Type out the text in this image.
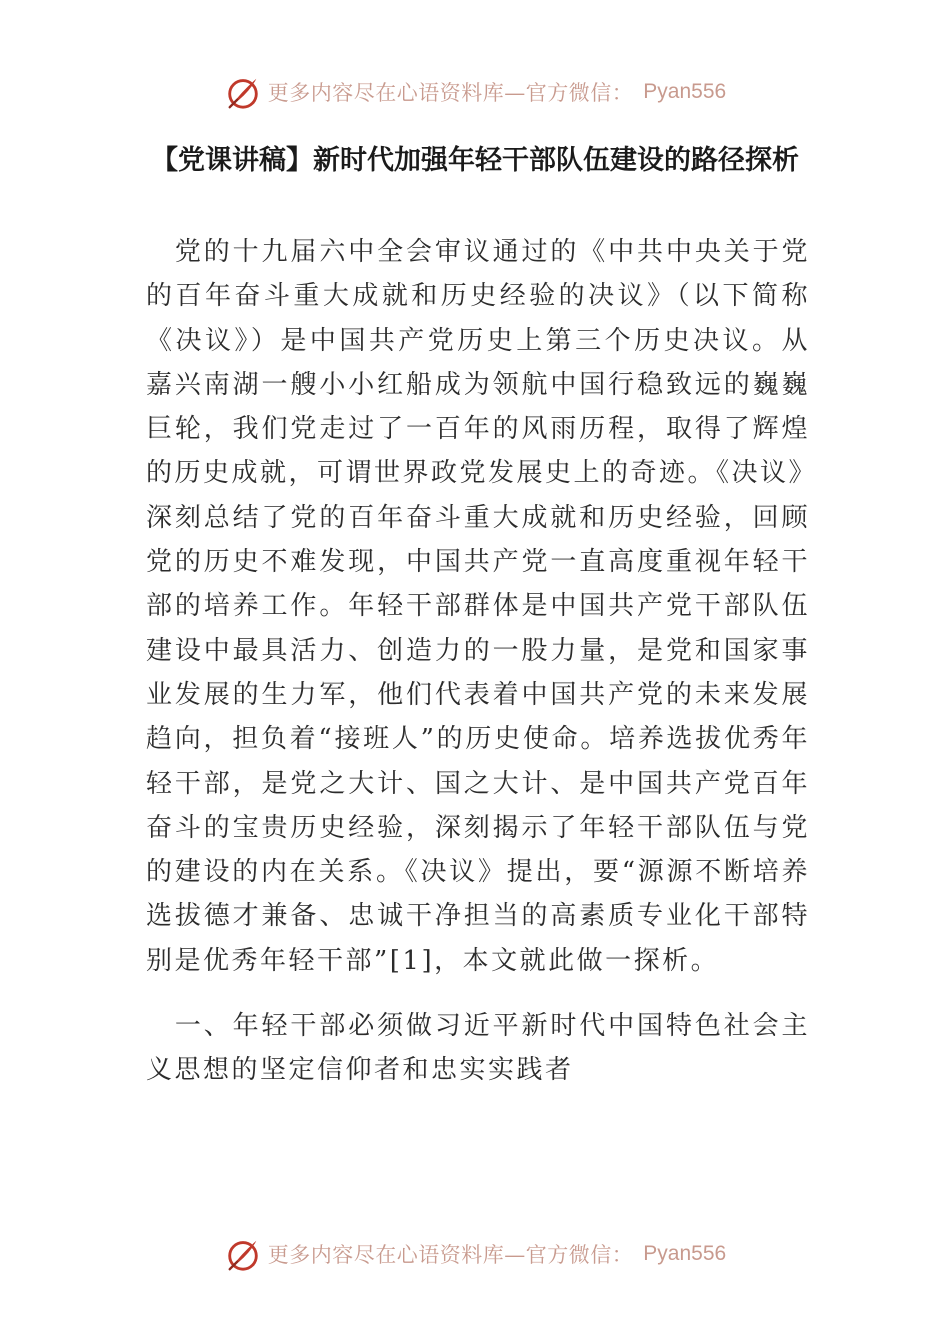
更多内容尽在心语资料库—官方微信： Pyan556
【党课讲稿】新时代加强年轻干部队伍建设的路径探析
　党的十九届六中全会审议通过的《中共中央关于党
的百年奋斗重大成就和历史经验的决议》（以下简称
《决议》）是中国共产党历史上第三个历史决议。从
嘉兴南湖一艘小小红船成为领航中国行稳致远的巍巍
巨轮，我们党走过了一百年的风雨历程，取得了辉煌
的历史成就，可谓世界政党发展史上的奇迹。《决议》
深刻总结了党的百年奋斗重大成就和历史经验，回顾
党的历史不难发现，中国共产党一直高度重视年轻干
部的培养工作。年轻干部群体是中国共产党干部队伍
建设中最具活力、创造力的一股力量，是党和国家事
业发展的生力军，他们代表着中国共产党的未来发展
趋向，担负着“接班人”的历史使命。培养选拔优秀年
轻干部，是党之大计、国之大计、是中国共产党百年
奋斗的宝贵历史经验，深刻揭示了年轻干部队伍与党
的建设的内在关系。《决议》提出，要“源源不断培养
选拔德才兼备、忠诚干净担当的高素质专业化干部特
别是优秀年轻干部”[1]，本文就此做一探析。
　一、年轻干部必须做习近平新时代中国特色社会主
义思想的坚定信仰者和忠实实践者
更多内容尽在心语资料库—官方微信： Pyan556
